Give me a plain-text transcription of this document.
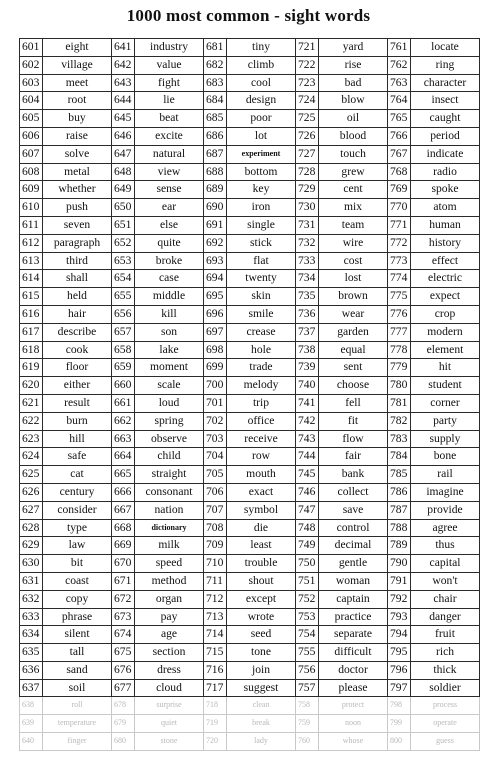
1000 most common - sight words
601	eight	641	industry	681	tiny	721	yard	761	locate
602	village	642	value	682	climb	722	rise	762	ring
603	meet	643	fight	683	cool	723	bad	763	character
604	root	644	lie	684	design	724	blow	764	insect
605	buy	645	beat	685	poor	725	oil	765	caught
606	raise	646	excite	686	lot	726	blood	766	period
607	solve	647	natural	687	experiment	727	touch	767	indicate
608	metal	648	view	688	bottom	728	grew	768	radio
609	whether	649	sense	689	key	729	cent	769	spoke
610	push	650	ear	690	iron	730	mix	770	atom
611	seven	651	else	691	single	731	team	771	human
612	paragraph	652	quite	692	stick	732	wire	772	history
613	third	653	broke	693	flat	733	cost	773	effect
614	shall	654	case	694	twenty	734	lost	774	electric
615	held	655	middle	695	skin	735	brown	775	expect
616	hair	656	kill	696	smile	736	wear	776	crop
617	describe	657	son	697	crease	737	garden	777	modern
618	cook	658	lake	698	hole	738	equal	778	element
619	floor	659	moment	699	trade	739	sent	779	hit
620	either	660	scale	700	melody	740	choose	780	student
621	result	661	loud	701	trip	741	fell	781	corner
622	burn	662	spring	702	office	742	fit	782	party
623	hill	663	observe	703	receive	743	flow	783	supply
624	safe	664	child	704	row	744	fair	784	bone
625	cat	665	straight	705	mouth	745	bank	785	rail
626	century	666	consonant	706	exact	746	collect	786	imagine
627	consider	667	nation	707	symbol	747	save	787	provide
628	type	668	dictionary	708	die	748	control	788	agree
629	law	669	milk	709	least	749	decimal	789	thus
630	bit	670	speed	710	trouble	750	gentle	790	capital
631	coast	671	method	711	shout	751	woman	791	won't
632	copy	672	organ	712	except	752	captain	792	chair
633	phrase	673	pay	713	wrote	753	practice	793	danger
634	silent	674	age	714	seed	754	separate	794	fruit
635	tall	675	section	715	tone	755	difficult	795	rich
636	sand	676	dress	716	join	756	doctor	796	thick
637	soil	677	cloud	717	suggest	757	please	797	soldier
638	roll	678	surprise	718	clean	758	protect	798	process
639	temperature	679	quiet	719	break	759	noon	799	operate
640	finger	680	stone	720	lady	760	whose	800	guess
